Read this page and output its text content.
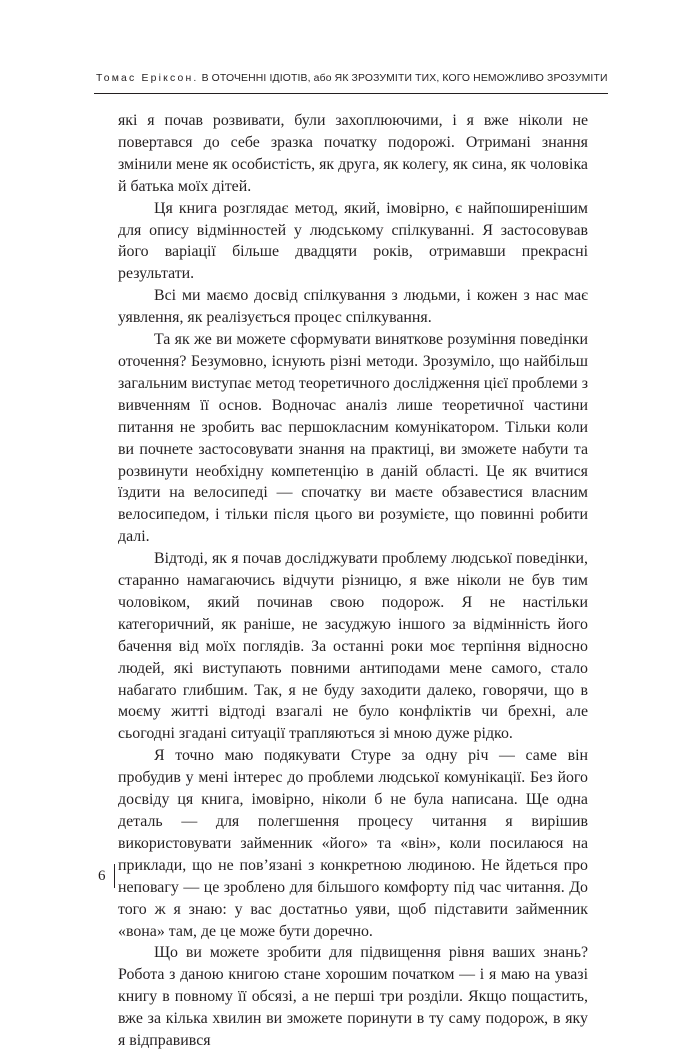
Томас Еріксон. В ОТОЧЕННІ ІДІОТІВ, або ЯК ЗРОЗУМІТИ ТИХ, КОГО НЕМОЖЛИВО ЗРОЗУМІТИ

які я почав розвивати, були захоплюючими, і я вже ніколи не повертався до себе зразка початку подорожі. Отримані знання змінили мене як особистість, як друга, як колегу, як сина, як чоловіка й батька моїх дітей.

Ця книга розглядає метод, який, імовірно, є найпоширенішим для опису відмінностей у людському спілкуванні. Я застосовував його варіації більше двадцяти років, отримавши прекрасні результати.

Всі ми маємо досвід спілкування з людьми, і кожен з нас має уявлення, як реалізується процес спілкування.

Та як же ви можете сформувати виняткове розуміння поведінки оточення? Безумовно, існують різні методи. Зрозуміло, що найбільш загальним виступає метод теоретичного дослідження цієї проблеми з вивченням її основ. Водночас аналіз лише теоретичної частини питання не зробить вас першокласним комунікатором. Тільки коли ви почнете застосовувати знання на практиці, ви зможете набути та розвинути необхідну компетенцію в даній області. Це як вчитися їздити на велосипеді — спочатку ви маєте обзавестися власним велосипедом, і тільки після цього ви розумієте, що повинні робити далі.

Відтоді, як я почав досліджувати проблему людської поведінки, старанно намагаючись відчути різницю, я вже ніколи не був тим чоловіком, який починав свою подорож. Я не настільки категоричний, як раніше, не засуджую іншого за відмінність його бачення від моїх поглядів. За останні роки моє терпіння відносно людей, які виступають повними антиподами мене самого, стало набагато глибшим. Так, я не буду заходити далеко, говорячи, що в моєму житті відтоді взагалі не було конфліктів чи брехні, але сьогодні згадані ситуації трапляються зі мною дуже рідко.

Я точно маю подякувати Стуре за одну річ — саме він пробудив у мені інтерес до проблеми людської комунікації. Без його досвіду ця книга, імовірно, ніколи б не була написана. Ще одна деталь — для полегшення процесу читання я вирішив використовувати займенник «його» та «він», коли посилаюся на приклади, що не пов’язані з конкретною людиною. Не йдеться про неповагу — це зроблено для більшого комфорту під час читання. До того ж я знаю: у вас достатньо уяви, щоб підставити займенник «вона» там, де це може бути доречно.

Що ви можете зробити для підвищення рівня ваших знань? Робота з даною книгою стане хорошим початком — і я маю на увазі книгу в повному її обсязі, а не перші три розділи. Якщо пощастить, вже за кілька хвилин ви зможете поринути в ту саму подорож, в яку я відправився

6
